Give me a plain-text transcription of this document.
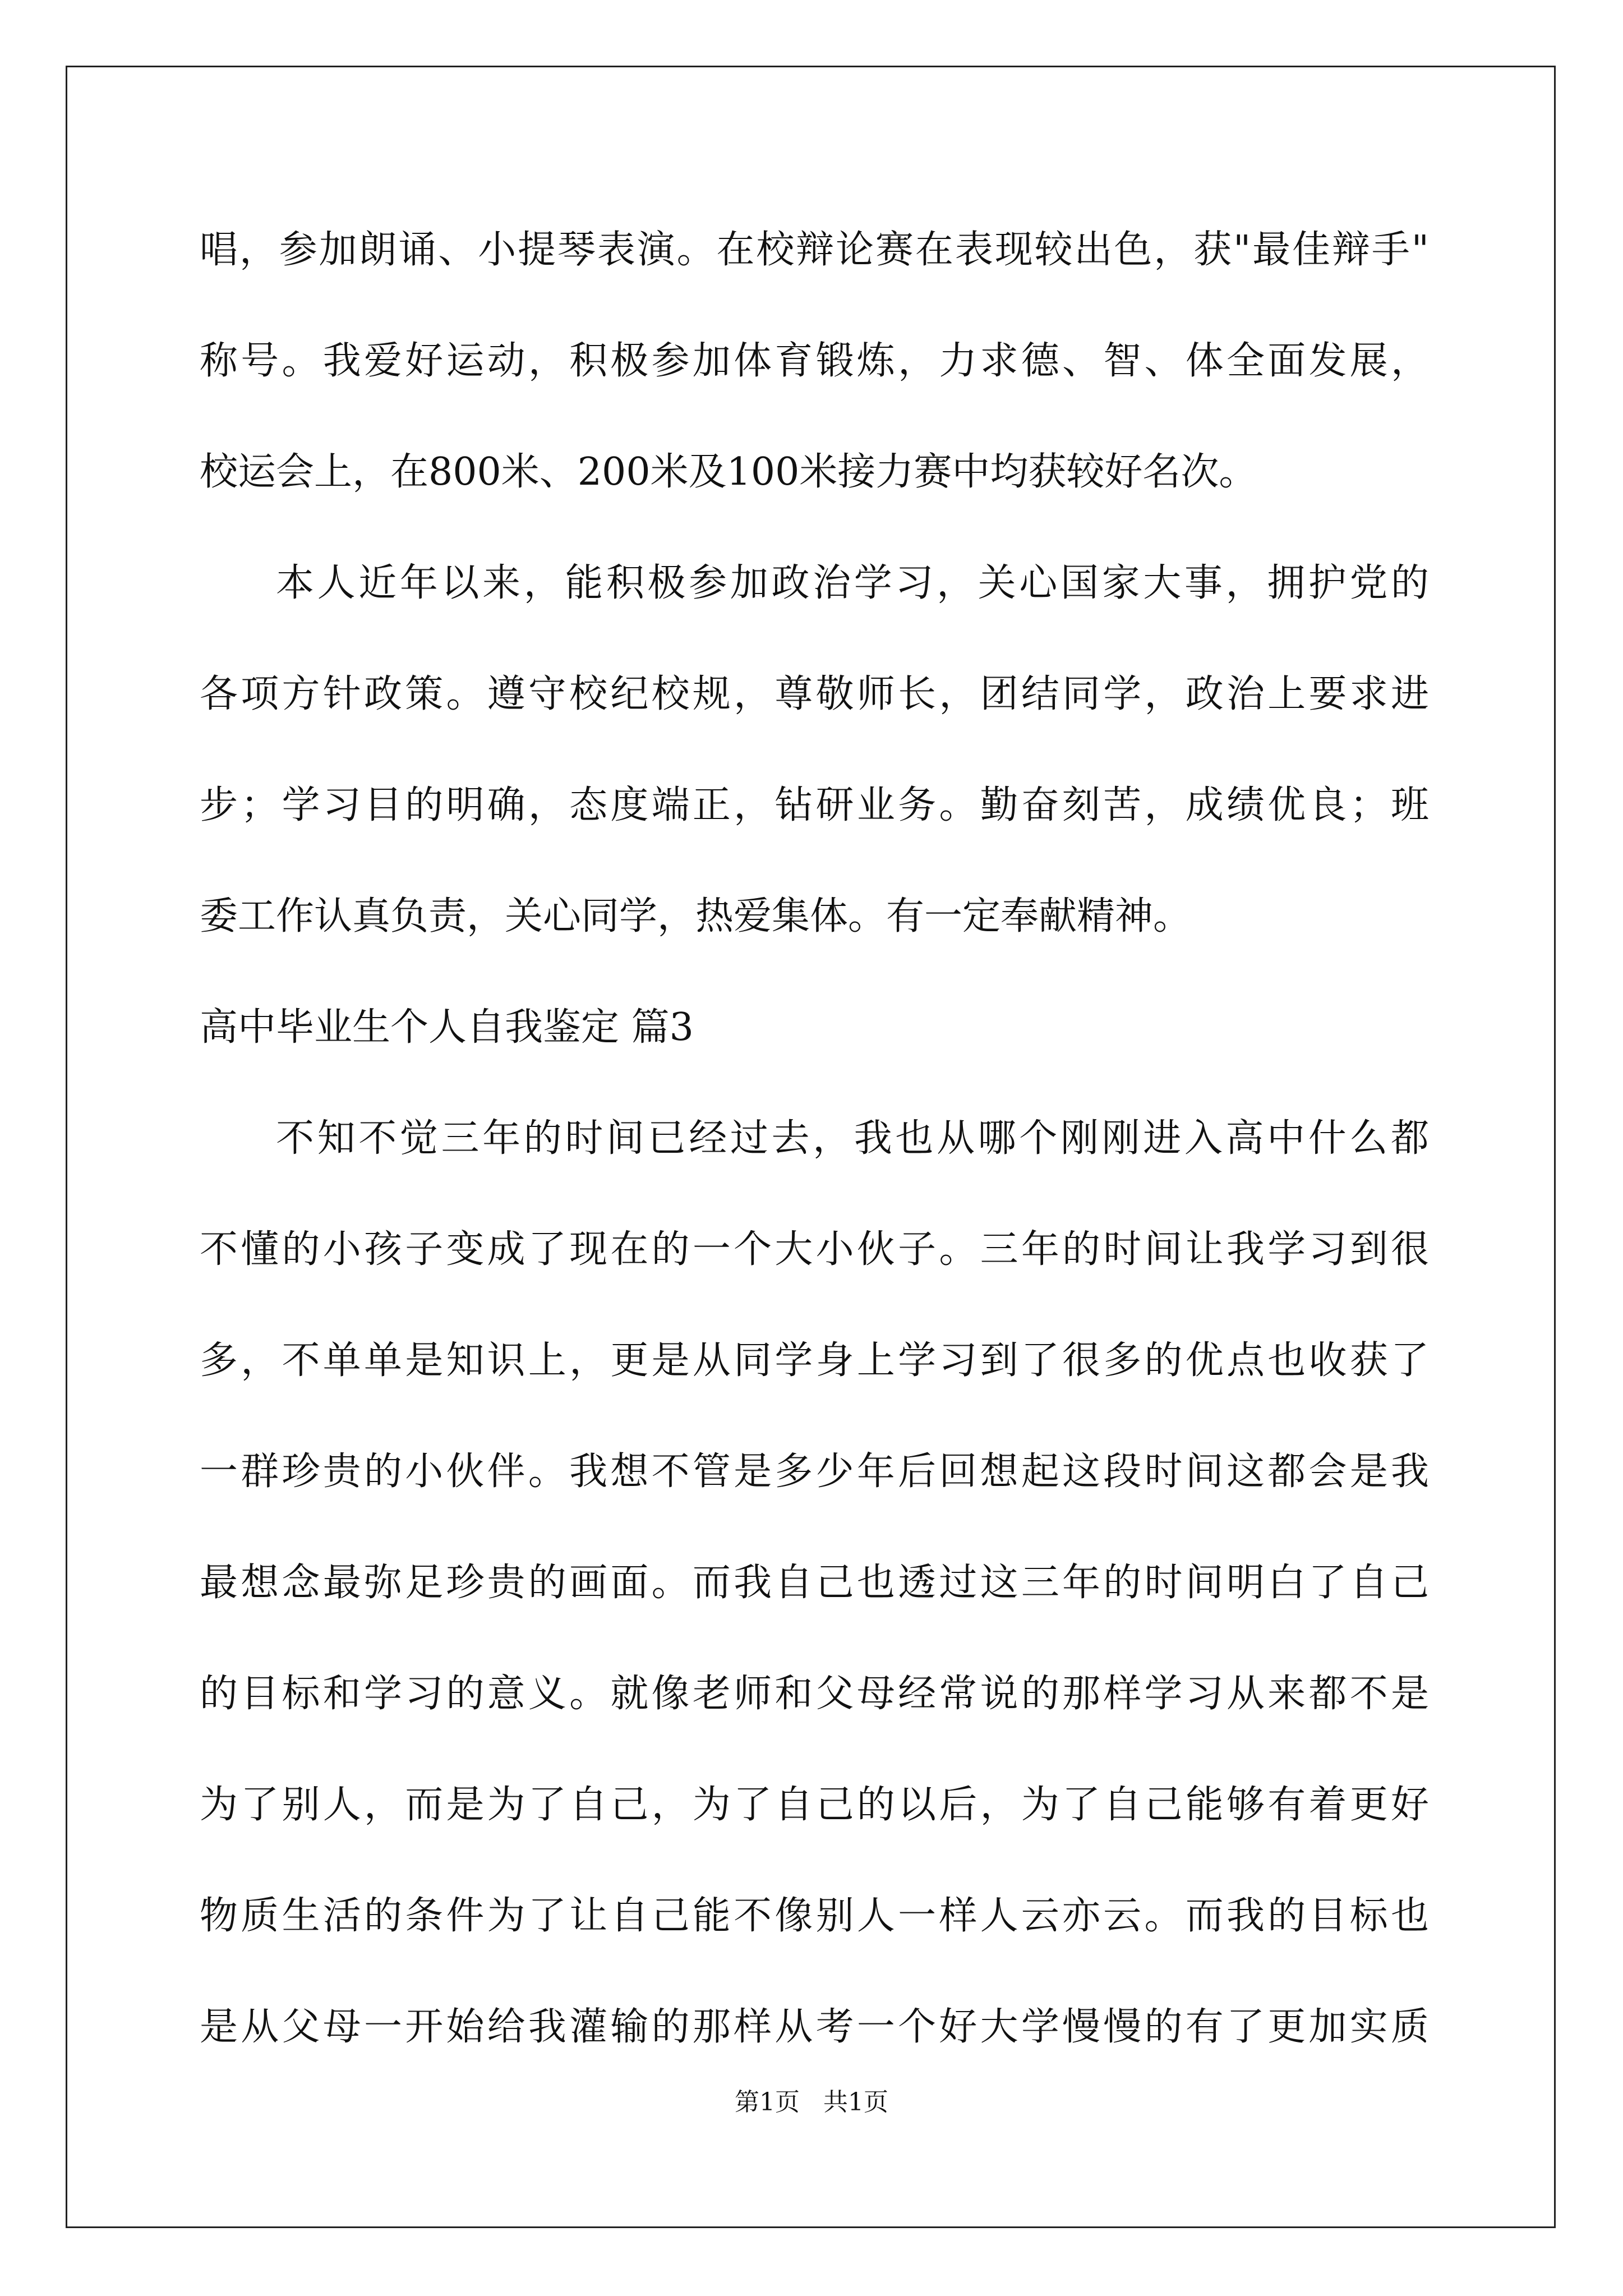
唱，参加朗诵、小提琴表演。在校辩论赛在表现较出色，获"最佳辩手"
称号。我爱好运动，积极参加体育锻炼，力求德、智、体全面发展，
校运会上，在800米、200米及100米接力赛中均获较好名次。
本人近年以来，能积极参加政治学习，关心国家大事，拥护党的
各项方针政策。遵守校纪校规，尊敬师长，团结同学，政治上要求进
步；学习目的明确，态度端正，钻研业务。勤奋刻苦，成绩优良；班
委工作认真负责，关心同学，热爱集体。有一定奉献精神。
高中毕业生个人自我鉴定 篇3
不知不觉三年的时间已经过去，我也从哪个刚刚进入高中什么都
不懂的小孩子变成了现在的一个大小伙子。三年的时间让我学习到很
多，不单单是知识上，更是从同学身上学习到了很多的优点也收获了
一群珍贵的小伙伴。我想不管是多少年后回想起这段时间这都会是我
最想念最弥足珍贵的画面。而我自己也透过这三年的时间明白了自己
的目标和学习的意义。就像老师和父母经常说的那样学习从来都不是
为了别人，而是为了自己，为了自己的以后，为了自己能够有着更好
物质生活的条件为了让自己能不像别人一样人云亦云。而我的目标也
是从父母一开始给我灌输的那样从考一个好大学慢慢的有了更加实质
第1页   共1页
